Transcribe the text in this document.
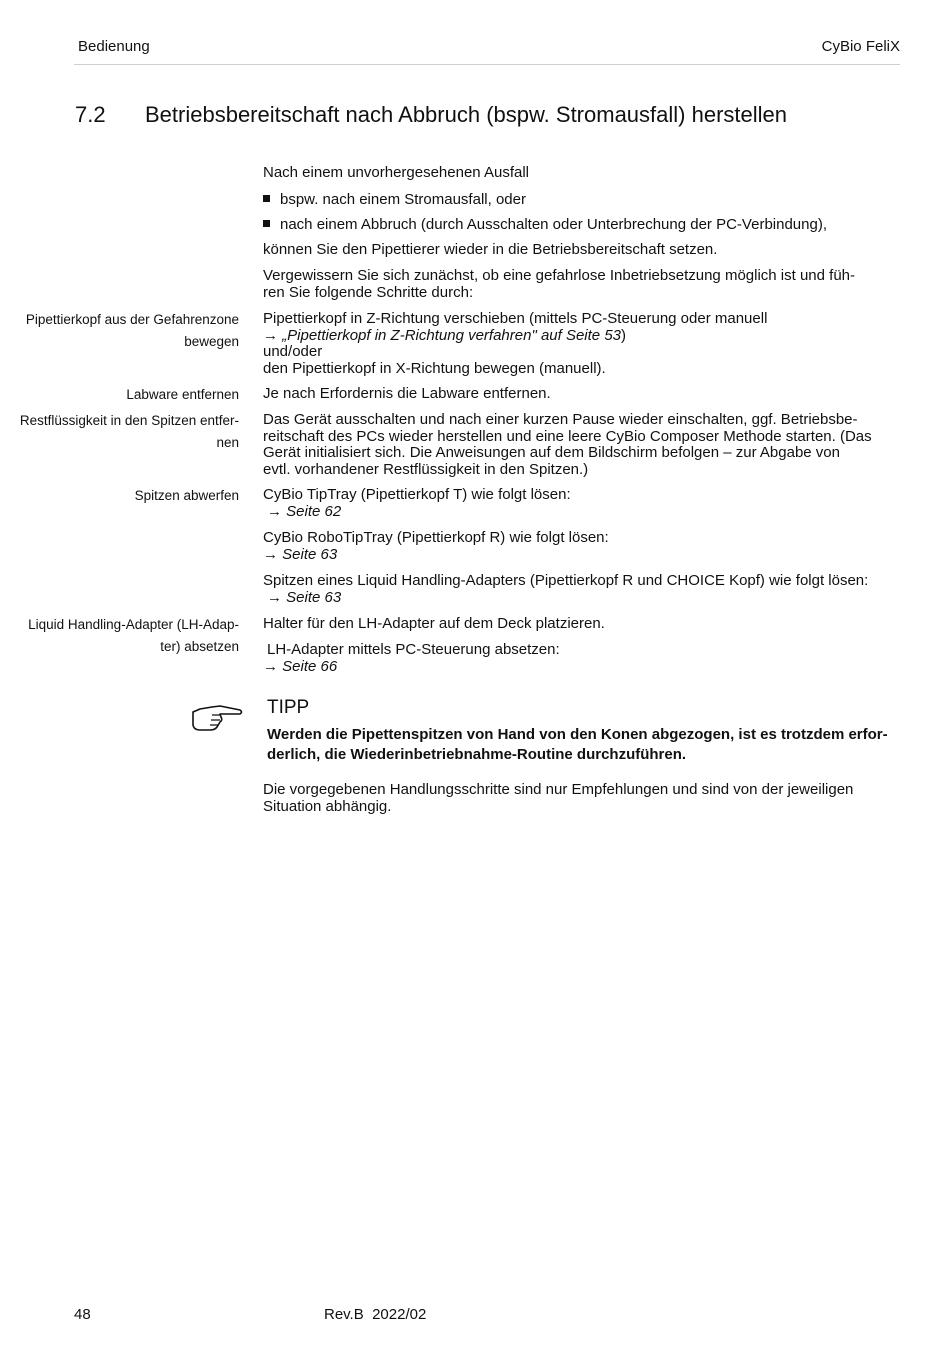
Bedienung	CyBio FeliX
7.2 Betriebsbereitschaft nach Abbruch (bspw. Stromausfall) herstellen
Nach einem unvorhergesehenen Ausfall
bspw. nach einem Stromausfall, oder
nach einem Abbruch (durch Ausschalten oder Unterbrechung der PC-Verbindung),
können Sie den Pipettierer wieder in die Betriebsbereitschaft setzen.
Vergewissern Sie sich zunächst, ob eine gefahrlose Inbetriebsetzung möglich ist und füh-
ren Sie folgende Schritte durch:
Pipettierkopf aus der Gefahrenzone
bewegen
Pipettierkopf in Z-Richtung verschieben (mittels PC-Steuerung oder manuell
→ „Pipettierkopf in Z-Richtung verfahren" auf Seite 53)
und/oder
den Pipettierkopf in X-Richtung bewegen (manuell).
Labware entfernen Je nach Erfordernis die Labware entfernen.
Restflüssigkeit in den Spitzen entfer-
nen
Das Gerät ausschalten und nach einer kurzen Pause wieder einschalten, ggf. Betriebsbe-
reitschaft des PCs wieder herstellen und eine leere CyBio Composer Methode starten. (Das
Gerät initialisiert sich. Die Anweisungen auf dem Bildschirm befolgen – zur Abgabe von
evtl. vorhandener Restflüssigkeit in den Spitzen.)
Spitzen abwerfen CyBio TipTray (Pipettierkopf T) wie folgt lösen:
→ Seite 62
CyBio RoboTipTray (Pipettierkopf R) wie folgt lösen:
→ Seite 63
Spitzen eines Liquid Handling-Adapters (Pipettierkopf R und CHOICE Kopf) wie folgt lösen:
→ Seite 63
Liquid Handling-Adapter (LH-Adap-
ter) absetzen
Halter für den LH-Adapter auf dem Deck platzieren.
LH-Adapter mittels PC-Steuerung absetzen:
→ Seite 66
TIPP
Werden die Pipettenspitzen von Hand von den Konen abgezogen, ist es trotzdem erfor-
derlich, die Wiederinbetriebnahme-Routine durchzuführen.
Die vorgegebenen Handlungsschritte sind nur Empfehlungen und sind von der jeweiligen
Situation abhängig.
48	Rev.B  2022/02
